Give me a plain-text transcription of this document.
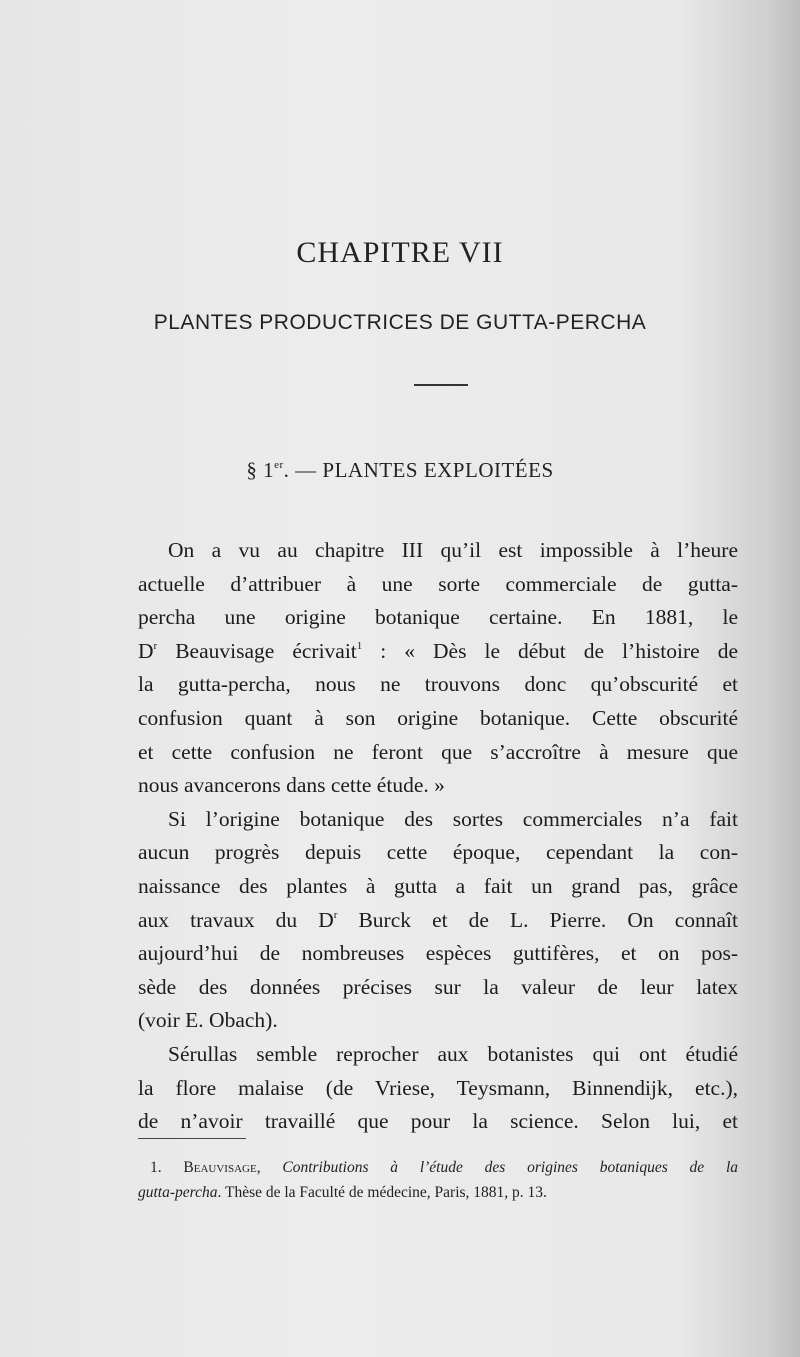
CHAPITRE VII
PLANTES PRODUCTRICES DE GUTTA-PERCHA
§ 1er. — PLANTES EXPLOITÉES
On a vu au chapitre III qu’il est impossible à l’heure
actuelle d’attribuer à une sorte commerciale de gutta-
percha une origine botanique certaine. En 1881, le
$D^r$ Beauvisage écrivait$^1$ : « Dès le début de l’histoire de
la gutta-percha, nous ne trouvons donc qu’obscurité et
confusion quant à son origine botanique. Cette obscurité
et cette confusion ne feront que s’accroître à mesure que
nous avancerons dans cette étude. »
Si l’origine botanique des sortes commerciales n’a fait
aucun progrès depuis cette époque, cependant la con-
naissance des plantes à gutta a fait un grand pas, grâce
aux travaux du $D^r$ Burck et de L. Pierre. On connaît
aujourd’hui de nombreuses espèces guttifères, et on pos-
sède des données précises sur la valeur de leur latex
(voir E. Obach).
Sérullas semble reprocher aux botanistes qui ont étudié
la flore malaise (de Vriese, Teysmann, Binnendijk, etc.),
de n’avoir travaillé que pour la science. Selon lui, et
1. Beauvisage, Contributions à l’étude des origines botaniques de la
gutta-percha. Thèse de la Faculté de médecine, Paris, 1881, p. 13.
